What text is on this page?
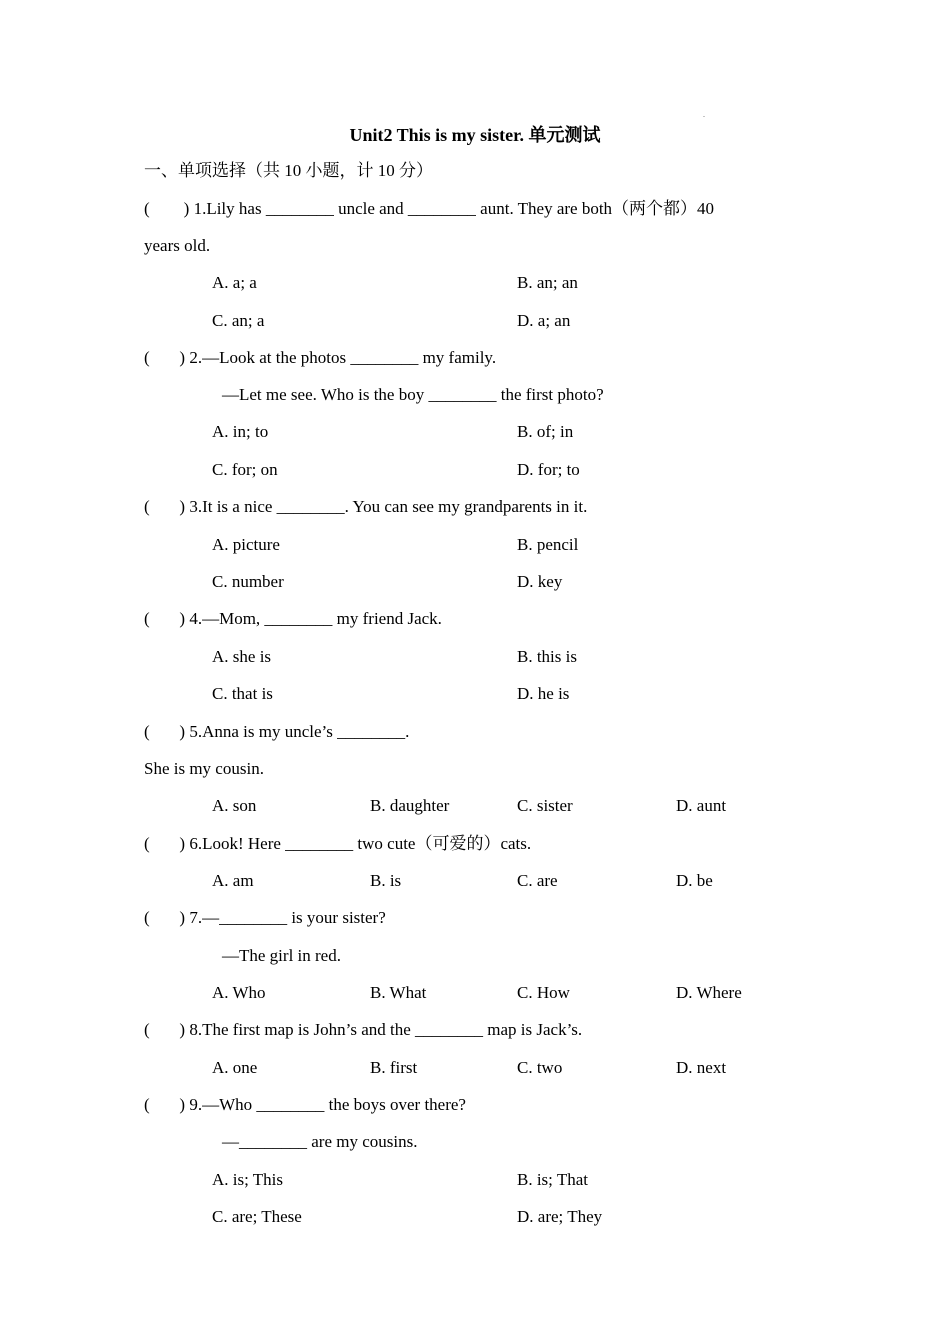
.
Unit2 This is my sister. 单元测试
一、单项选择（共 10 小题，计 10 分）
(        ) 1.Lily has ________ uncle and ________ aunt. They are both（两个都）40
years old.

A. a; a

	B. an; an

C. an; a

	D. a; an

(       ) 2.—Look at the photos ________ my family.
—Let me see. Who is the boy ________ the first photo?

A. in; to

	B. of; in

C. for; on

	D. for; to

(       ) 3.It is a nice ________. You can see my grandparents in it.

A. picture

	B. pencil

C. number

	D. key

(       ) 4.—Mom, ________ my friend Jack.

A. she is

	B. this is

C. that is

	D. he is

(       ) 5.Anna is my uncle’s ________.
She is my cousin.

A. son

	B. daughter

	C. sister

	D. aunt

(       ) 6.Look! Here ________ two cute（可爱的）cats.

A. am

	B. is

	C. are

	D. be

(       ) 7.—________ is your sister?
—The girl in red.

A. Who

	B. What

	C. How

	D. Where

(       ) 8.The first map is John’s and the ________ map is Jack’s.

A. one

	B. first

	C. two

	D. next

(       ) 9.—Who ________ the boys over there?
—________ are my cousins.

A. is; This

	B. is; That

C. are; These

	D. are; They
